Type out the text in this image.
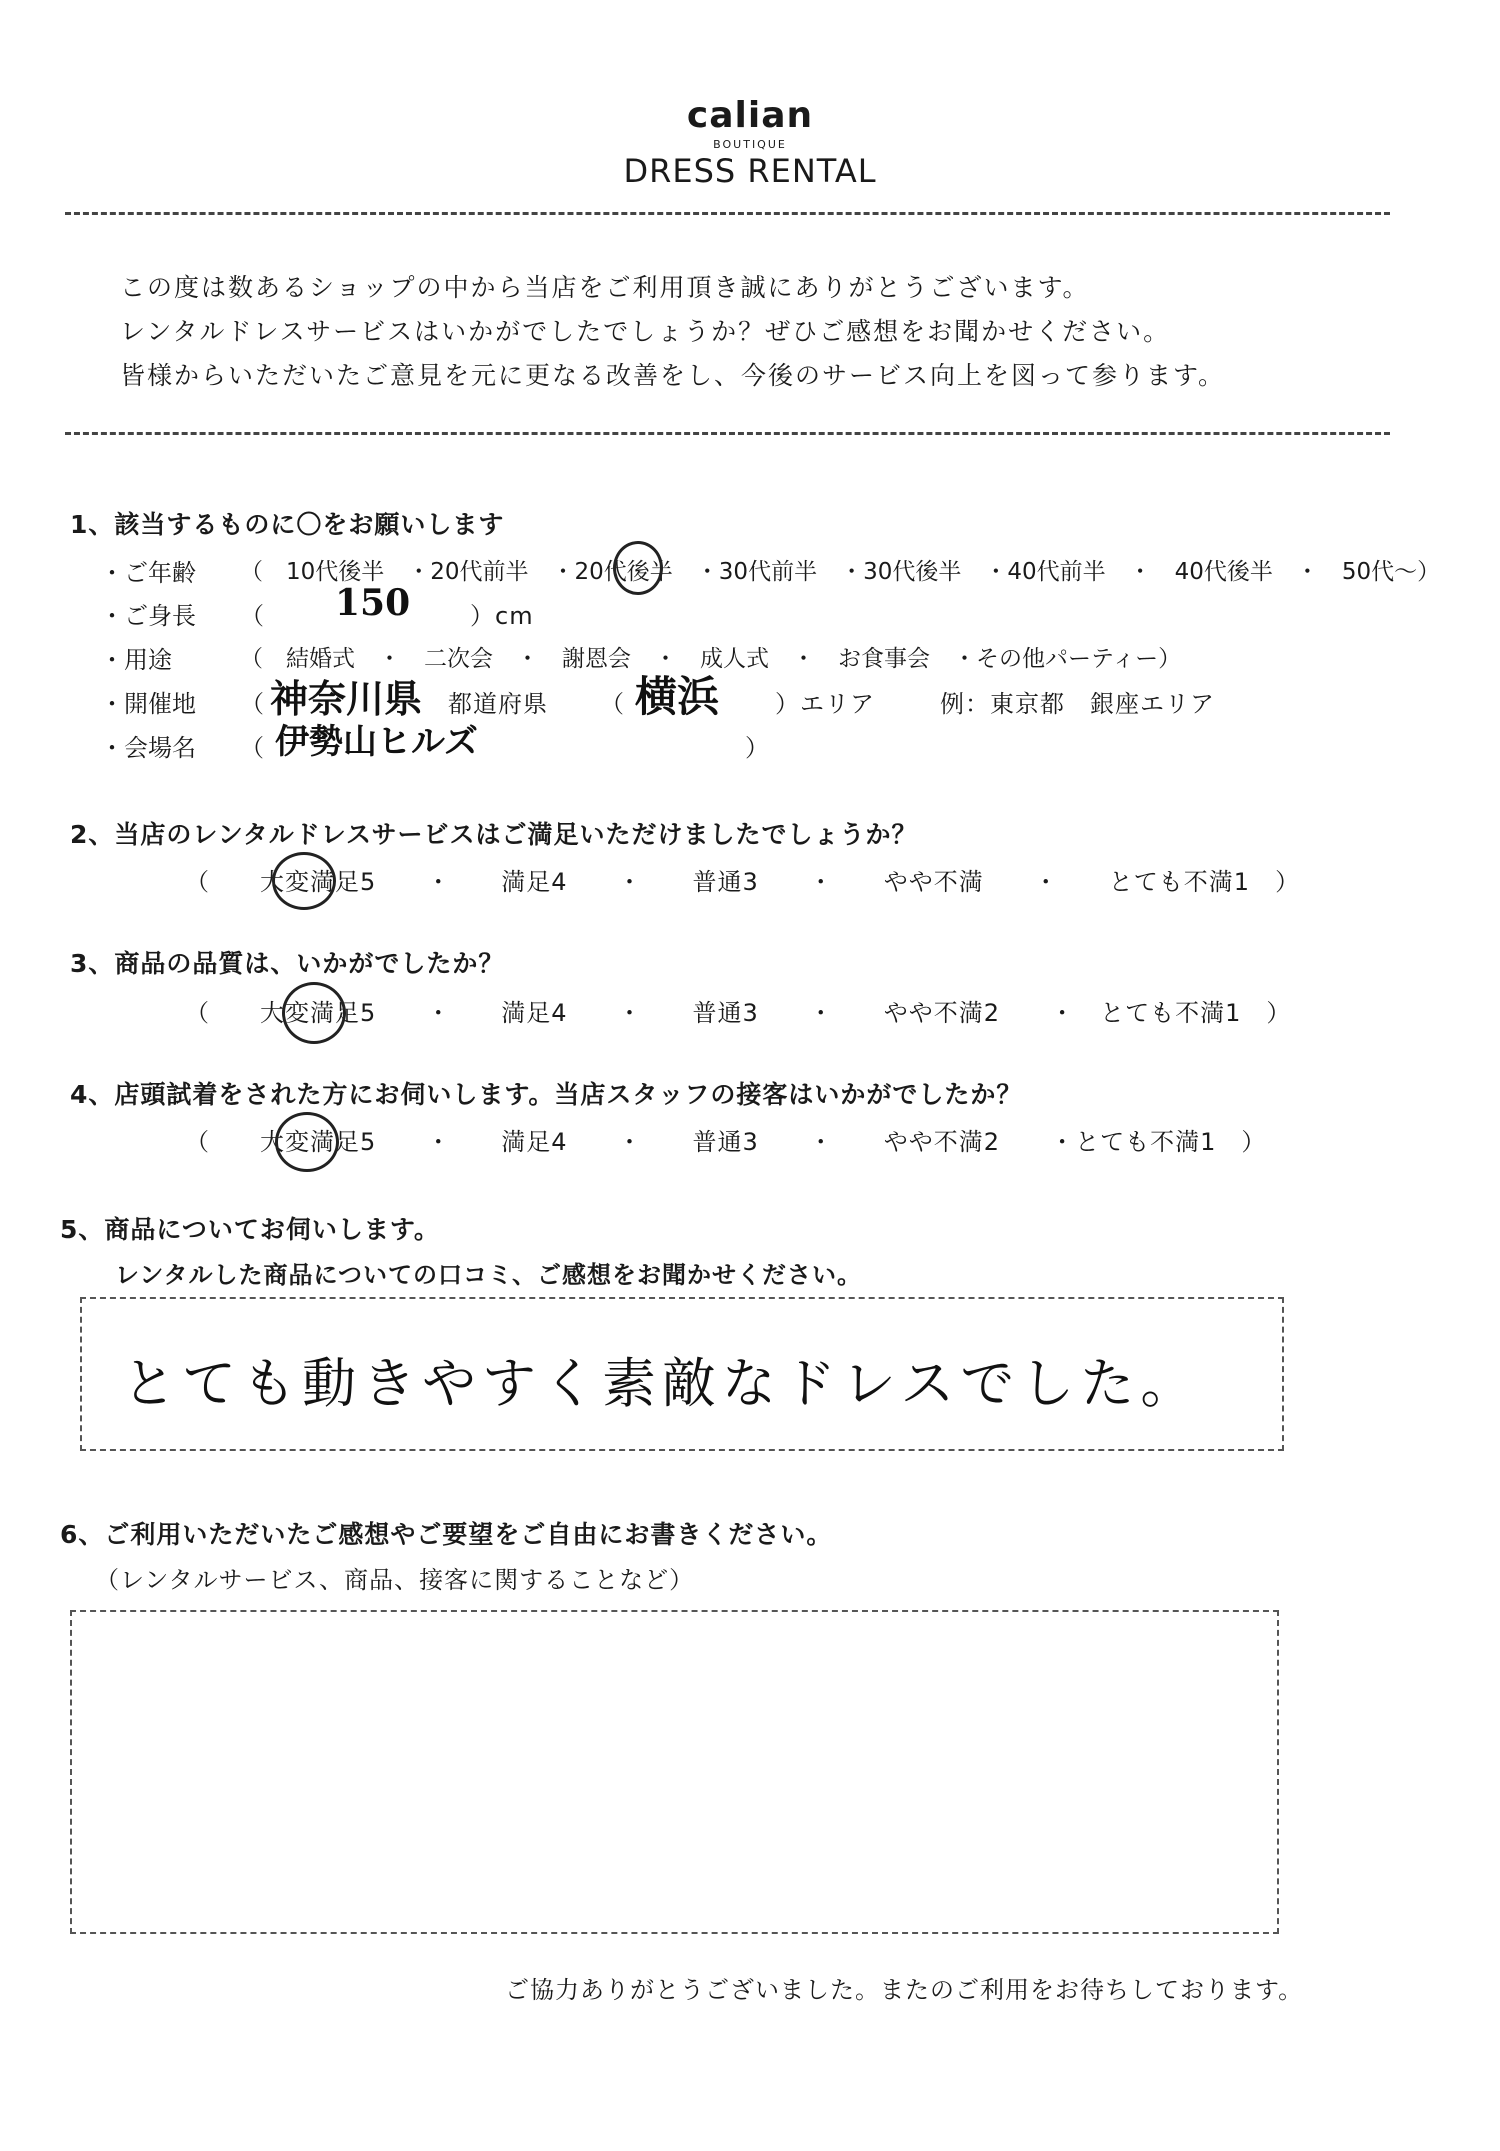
calian
BOUTIQUE
DRESS RENTAL
この度は数あるショップの中から当店をご利用頂き誠にありがとうございます。
レンタルドレスサービスはいかがでしたでしょうか？ぜひご感想をお聞かせください。
皆様からいただいたご意見を元に更なる改善をし、今後のサービス向上を図って参ります。
1、該当するものに〇をお願いします
・ご年齢 （　10代後半　・20代前半　・20代後半　・30代前半　・30代後半　・40代前半　・　40代後半　・　50代～）
・ご身長 （ 150 ）cm
・用途	（　結婚式　・　二次会　・　謝恩会　・　成人式　・　お食事会　・その他パーティー）
・開催地 （ 神奈川県 都道府県 （ 横浜 ）エリア	例：東京都　銀座エリア
・会場名 （ 伊勢山ヒルズ	）
2、当店のレンタルドレスサービスはご満足いただけましたでしょうか？
（　　大変満足5　　・　　満足4　　・　　普通3　　・　　やや不満　　・　　とても不満1　）
3、商品の品質は、いかがでしたか？
（　　大変満足5　　・　　満足4　　・　　普通3　　・　　やや不満2　　・　とても不満1　）
4、店頭試着をされた方にお伺いします。当店スタッフの接客はいかがでしたか？
（　　大変満足5　　・　　満足4　　・　　普通3　　・　　やや不満2　　・とても不満1　）
5、商品についてお伺いします。
レンタルした商品についての口コミ、ご感想をお聞かせください。
とても動きやすく素敵なドレスでした。
6、ご利用いただいたご感想やご要望をご自由にお書きください。
（レンタルサービス、商品、接客に関することなど）
ご協力ありがとうございました。またのご利用をお待ちしております。
